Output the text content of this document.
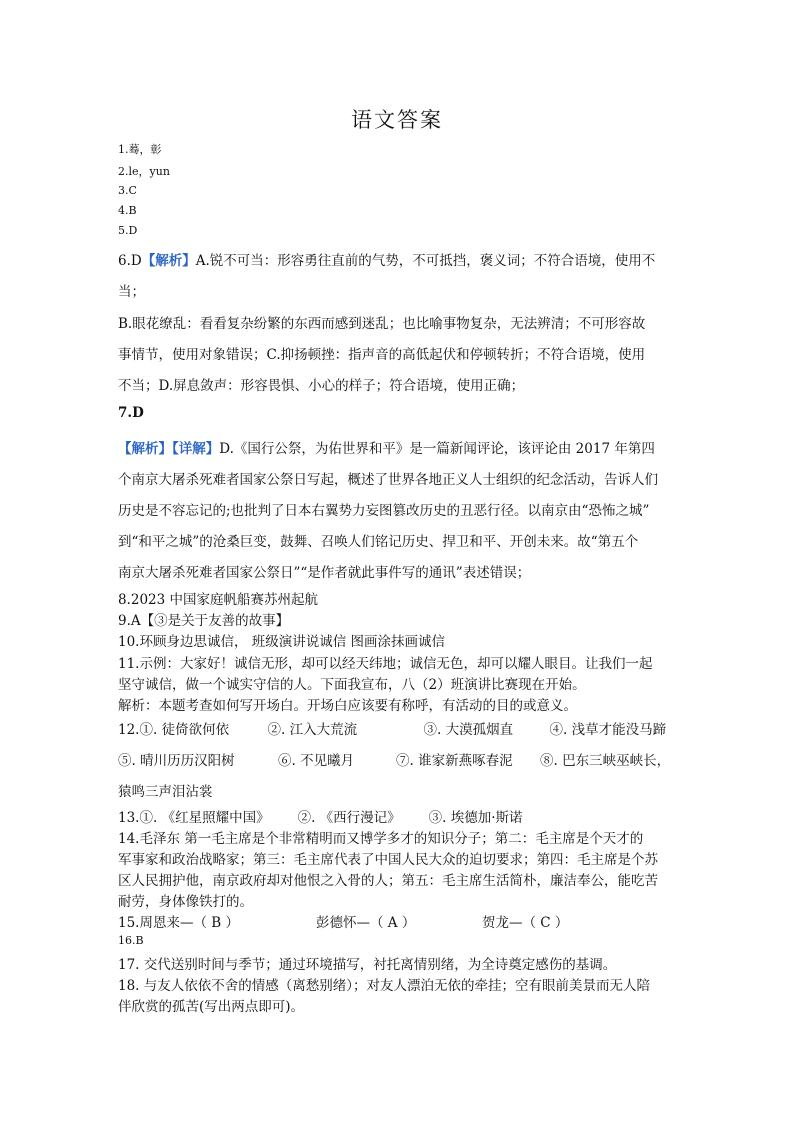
语文答案
1.蓦，彰
2.le，yun
3.C
4.B
5.D
6.D【解析】A.锐不可当：形容勇往直前的气势，不可抵挡，褒义词；不符合语境，使用不
当；
B.眼花缭乱：看看复杂纷繁的东西而感到迷乱；也比喻事物复杂，无法辨清；不可形容故
事情节，使用对象错误；C.抑扬顿挫：指声音的高低起伏和停顿转折；不符合语境，使用
不当；D.屏息敛声：形容畏惧、小心的样子；符合语境，使用正确；
7.D
【解析】【详解】D.《国行公祭，为佑世界和平》是一篇新闻评论，该评论由 2017 年第四
个南京大屠杀死难者国家公祭日写起，概述了世界各地正义人士组织的纪念活动，告诉人们
历史是不容忘记的;也批判了日本右翼势力妄图篡改历史的丑恶行径。以南京由“恐怖之城”
到“和平之城”的沧桑巨变，鼓舞、召唤人们铭记历史、捍卫和平、开创未来。故“第五个
南京大屠杀死难者国家公祭日”“是作者就此事件写的通讯”表述错误；
8.2023 中国家庭帆船赛苏州起航
9.A【③是关于友善的故事】
10.环顾身边思诚信， 班级演讲说诚信 图画涂抹画诚信
11.示例：大家好！诚信无形，却可以经天纬地；诚信无色，却可以耀人眼目。让我们一起
坚守诚信，做一个诚实守信的人。下面我宣布，八（2）班演讲比赛现在开始。
解析：本题考查如何写开场白。开场白应该要有称呼，有活动的目的或意义。
12.①. 徒倚欲何依	②. 江入大荒流	③. 大漠孤烟直	④. 浅草才能没马蹄
⑤. 晴川历历汉阳树	⑥. 不见曦月	⑦. 谁家新燕啄春泥 ⑧. 巴东三峡巫峡长，
猿鸣三声泪沾裳
13.①. 《红星照耀中国》 ②. 《西行漫记》 ③. 埃德加·斯诺
14.毛泽东 第一毛主席是个非常精明而又博学多才的知识分子；第二：毛主席是个天才的
军事家和政治战略家；第三：毛主席代表了中国人民大众的迫切要求；第四：毛主席是个苏
区人民拥护他，南京政府却对他恨之入骨的人；第五：毛主席生活简朴，廉洁奉公，能吃苦
耐劳，身体像铁打的。
15.周恩来—（ B ）	彭德怀—（ A ）	贺龙—（ C ）
16.B
17. 交代送别时间与季节；通过环境描写，衬托离情别绪，为全诗奠定感伤的基调。
18. 与友人依依不舍的情感（离愁别绪）；对友人漂泊无依的牵挂；空有眼前美景而无人陪
伴欣赏的孤苦(写出两点即可)。
